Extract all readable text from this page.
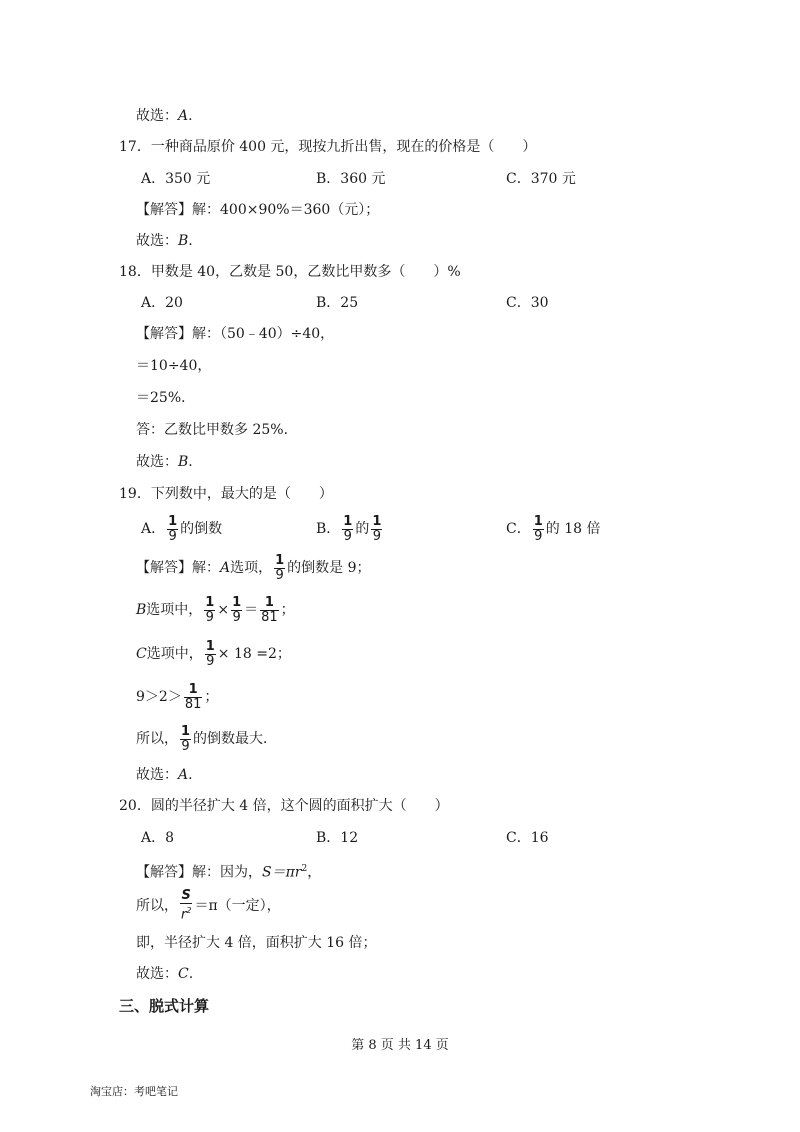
故选：A.
17．一种商品原价 400 元，现按九折出售，现在的价格是（　　）
A．350 元	B．360 元	C．370 元
【解答】解：400×90%＝360（元）；
故选：B.
18．甲数是 40，乙数是 50，乙数比甲数多（　　）%
A．20	B．25	C．30
【解答】解：（50﹣40）÷40，
＝10÷40，
＝25%．
答：乙数比甲数多 25%．
故选：B.
19．下列数中，最大的是（　　）
A． $\frac{1}{9}$ 的倒数	B． $\frac{1}{9}$ 的 $\frac{1}{9}$	C． $\frac{1}{9}$ 的 18 倍
【解答】解：A选项， $\frac{1}{9}$ 的倒数是 9；
B选项中， $\frac{1}{9} \times \frac{1}{9} = \frac{1}{81}$ ；
C选项中， $\frac{1}{9} \times 18 =2$；
$9>2> \frac{1}{81}$ ；
所以， $\frac{1}{9}$ 的倒数最大．
故选：A.
20．圆的半径扩大 4 倍，这个圆的面积扩大（　　）
A．8	B．12	C．16
【解答】解：因为，$S=\pi r^2$，
所以， $\frac{S}{r^2} =\pi$（一定），
即，半径扩大 4 倍，面积扩大 16 倍；
故选：C.
三、脱式计算
第 8 页 共 14 页
淘宝店：考吧笔记
